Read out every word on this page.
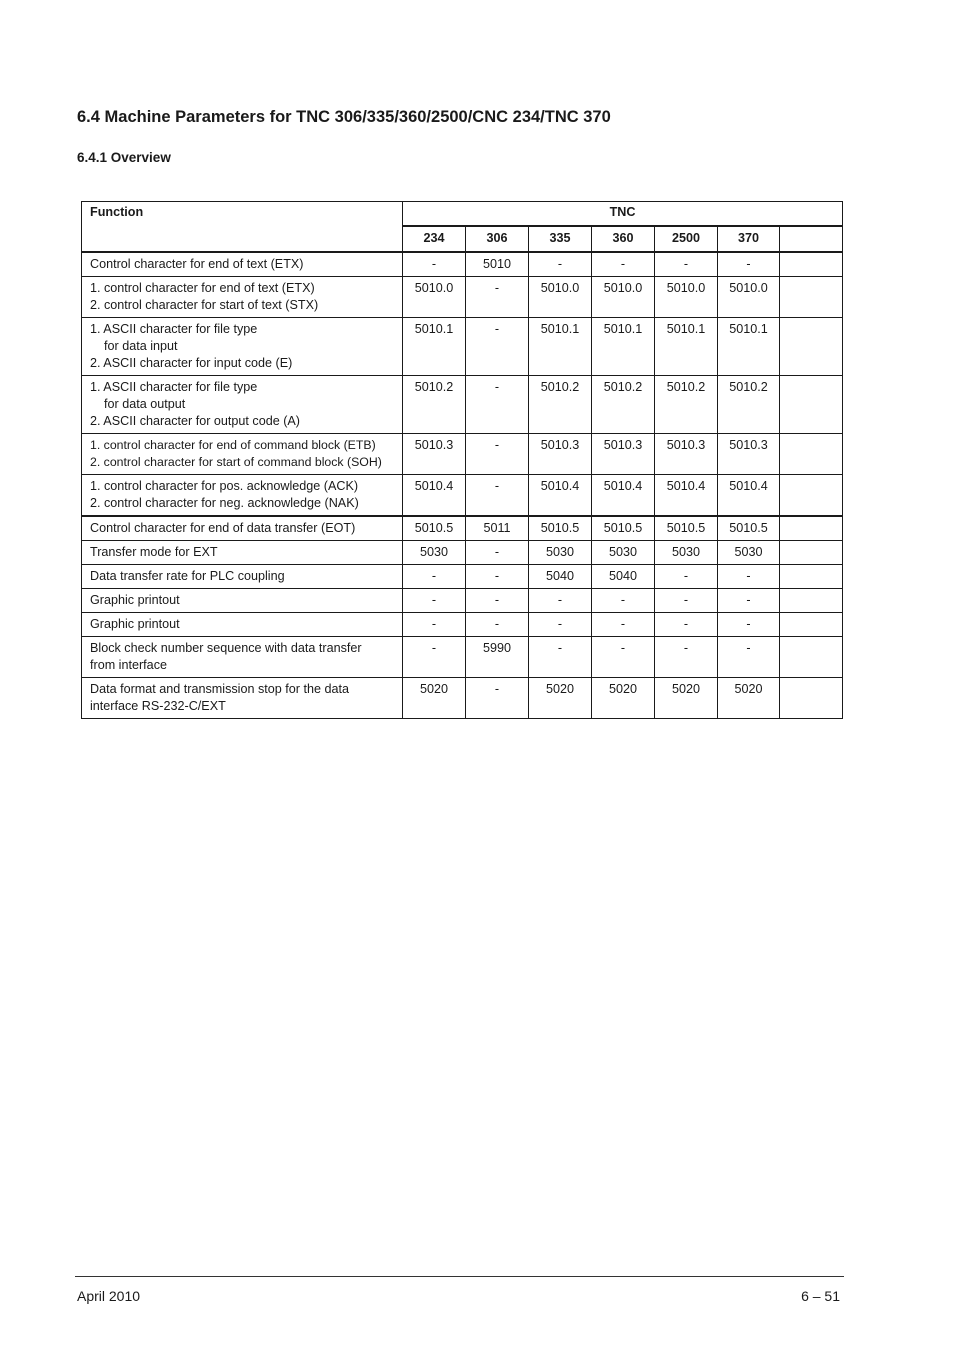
6.4 Machine Parameters for TNC 306/335/360/2500/CNC 234/TNC 370
6.4.1 Overview
Function	TNC						
	234	306	335	360	2500	370	

Control character for end of text (ETX)	-	5010	-	-	-	-	

1. control character for end of text (ETX)
2. control character for start of text (STX)	5010.0	-	5010.0	5010.0	5010.0	5010.0	

1. ASCII character for file type
for data input
2. ASCII character for input code (E)	5010.1	-	5010.1	5010.1	5010.1	5010.1	

1. ASCII character for file type
for data output
2. ASCII character for output code (A)	5010.2	-	5010.2	5010.2	5010.2	5010.2	

1. control character for end of command block (ETB)
2. control character for start of command block (SOH)	5010.3	-	5010.3	5010.3	5010.3	5010.3	

1. control character for pos. acknowledge (ACK)
2. control character for neg. acknowledge (NAK)	5010.4	-	5010.4	5010.4	5010.4	5010.4	

Control character for end of data transfer (EOT)	5010.5	5011	5010.5	5010.5	5010.5	5010.5	

Transfer mode for EXT	5030	-	5030	5030	5030	5030	

Data transfer rate for PLC coupling	-	-	5040	5040	-	-	

Graphic printout	-	-	-	-	-	-	

Graphic printout	-	-	-	-	-	-	

Block check number sequence with data transfer
from interface	-	5990	-	-	-	-	

Data format and transmission stop for the data
interface RS-232-C/EXT	5020	-	5020	5020	5020	5020	
April 2010	6 – 51
